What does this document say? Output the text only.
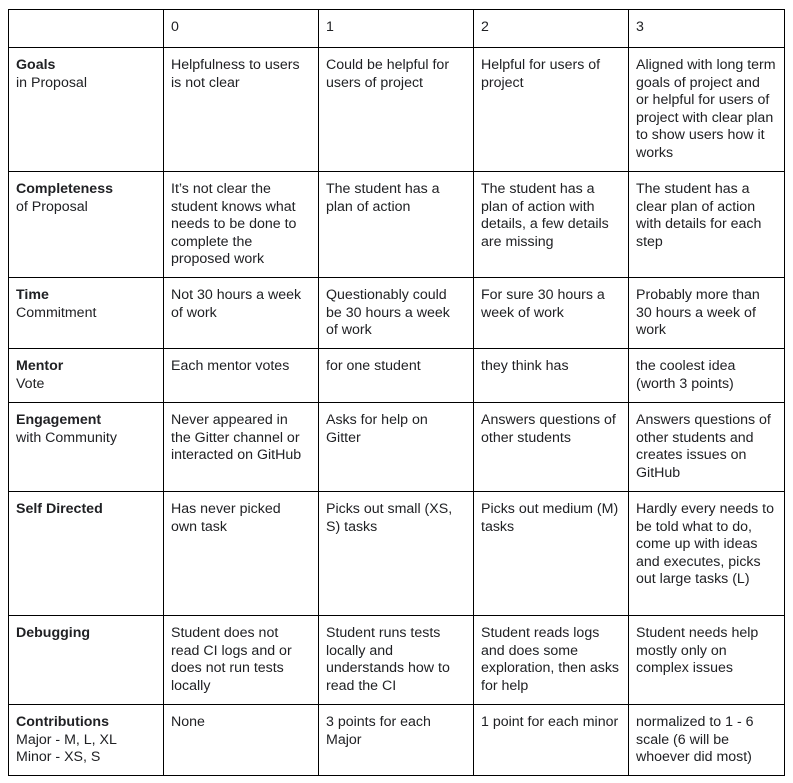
	0	1	2	3

Goals
in Proposal	Helpfulness to users is not clear	Could be helpful for users of project	Helpful for users of project	Aligned with long term goals of project and or helpful for users of project with clear plan to show users how it works

Completeness
of Proposal	It’s not clear the student knows what needs to be done to complete the proposed work	The student has a plan of action	The student has a plan of action with details, a few details are missing	The student has a clear plan of action with details for each step

Time
Commitment	Not 30 hours a week of work	Questionably could be 30 hours a week of work	For sure 30 hours a week of work	Probably more than 30 hours a week of work

Mentor
Vote	Each mentor votes	for one student	they think has	the coolest idea (worth 3 points)

Engagement
with Community	Never appeared in the Gitter channel or interacted on GitHub	Asks for help on Gitter	Answers questions of other students	Answers questions of other students and creates issues on GitHub

Self Directed	Has never picked own task	Picks out small (XS, S) tasks	Picks out medium (M) tasks	Hardly every needs to be told what to do, come up with ideas and executes, picks out large tasks (L)

Debugging	Student does not read CI logs and or does not run tests locally	Student runs tests locally and understands how to read the CI	Student reads logs and does some exploration, then asks for help	Student needs help mostly only on complex issues

Contributions
Major - M, L, XL
Minor - XS, S	None	3 points for each Major	1 point for each minor	normalized to 1 - 6 scale (6 will be whoever did most)
